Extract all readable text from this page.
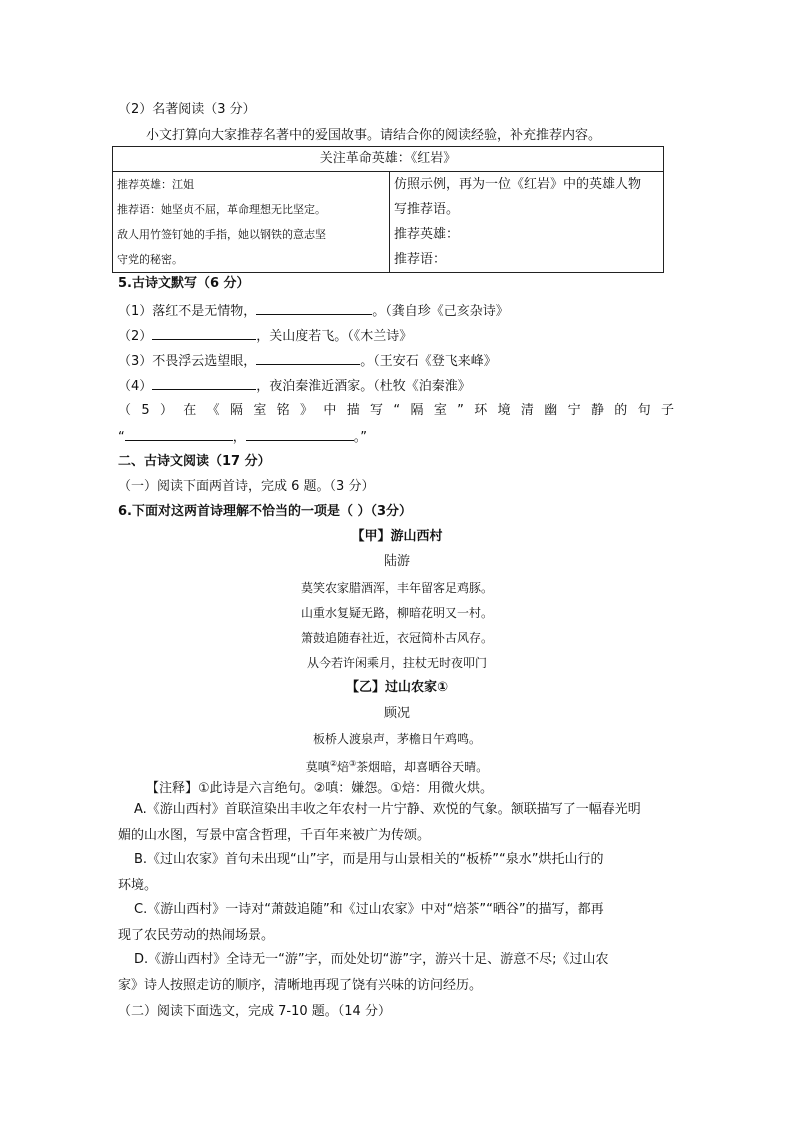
（2）名著阅读（3 分）
小文打算向大家推荐名著中的爱国故事。请结合你的阅读经验，补充推荐内容。
关注革命英雄：《红岩》

推荐英雄：江姐
推荐语：她坚贞不屈，革命理想无比坚定。
敌人用竹签钉她的手指，她以钢铁的意志坚
守党的秘密。

仿照示例，再为一位《红岩》中的英雄人物
写推荐语。
推荐英雄：
推荐语：
5.古诗文默写（6 分）
（1）落红不是无情物，	。（龚自珍《己亥杂诗》
（2）	，关山度若飞。（《木兰诗》
（3）不畏浮云选望眼，	。（王安石《登飞来峰》
（4）	，夜泊秦淮近酒家。（杜牧《泊秦淮》
（5）在《隔室铭》中描写“隔室”环境清幽宁静的句子
“	，	。”
二、古诗文阅读（17 分）
（一）阅读下面两首诗，完成 6 题。（3 分）
6.下面对这两首诗理解不恰当的一项是（ ）（3分）
【甲】游山西村
陆游
莫笑农家腊酒浑，丰年留客足鸡豚。
山重水复疑无路，柳暗花明又一村。
箫鼓追随春社近，衣冠简朴古风存。
从今若许闲乘月，拄杖无时夜叩门
【乙】过山农家①
顾况
板桥人渡泉声，茅檐日午鸡鸣。
莫嗔②焙③茶烟暗，却喜晒谷天晴。
【注释】①此诗是六言绝句。②嗔：嫌怨。①焙：用微火烘。
A.《游山西村》首联渲染出丰收之年农村一片宁静、欢悦的气象。颔联描写了一幅春光明
媚的山水图，写景中富含哲理，千百年来被广为传颂。
B.《过山农家》首句未出现“山”字，而是用与山景相关的“板桥”“泉水”烘托山行的
环境。
C.《游山西村》一诗对“萧鼓追随”和《过山农家》中对“焙茶”“晒谷”的描写，都再
现了农民劳动的热闹场景。
D.《游山西村》全诗无一“游”字，而处处切“游”字，游兴十足、游意不尽;《过山农
家》诗人按照走访的顺序，清晰地再现了饶有兴味的访问经历。
（二）阅读下面选文，完成 7-10 题。（14 分）
